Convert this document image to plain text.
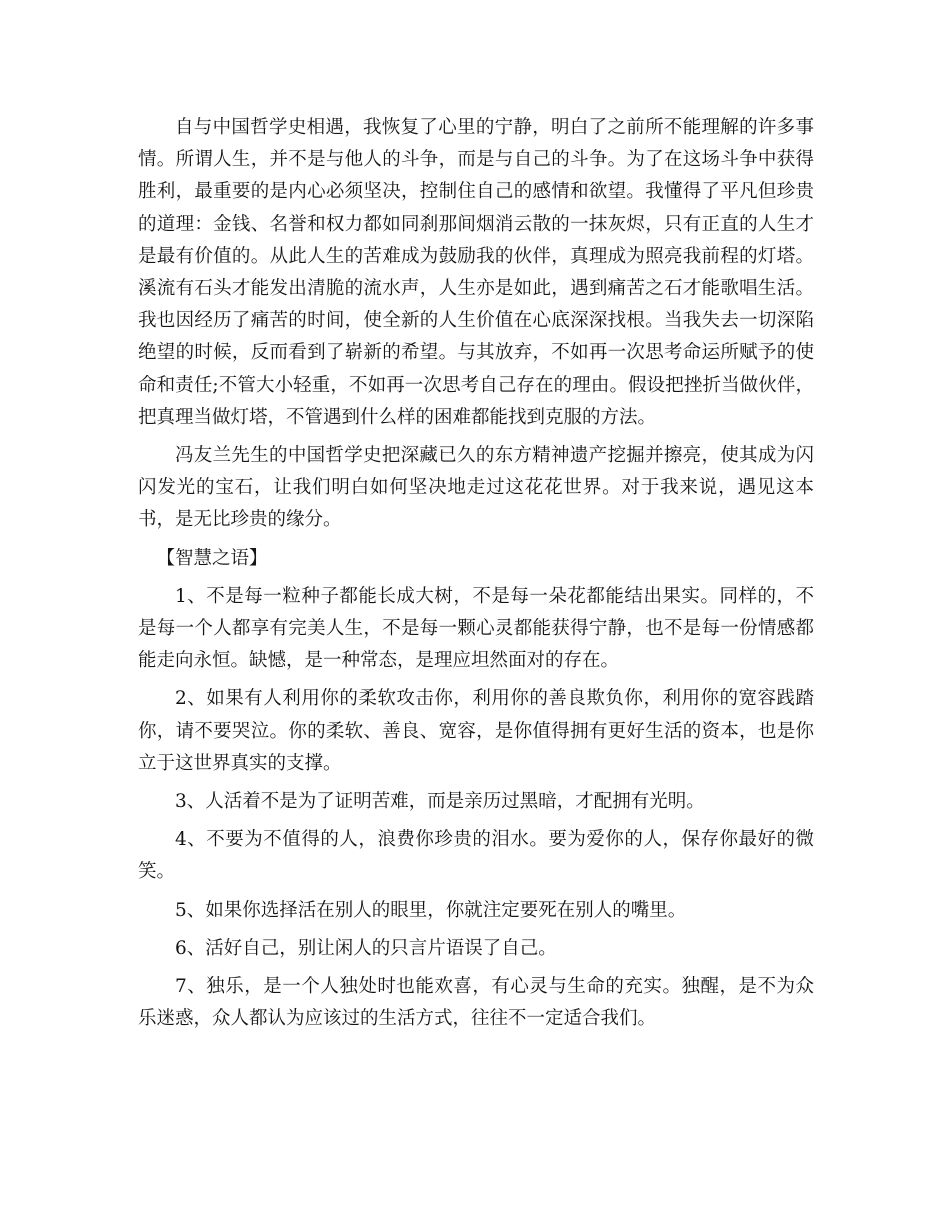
自与中国哲学史相遇，我恢复了心里的宁静，明白了之前所不能理解的许多事情。所谓人生，并不是与他人的斗争，而是与自己的斗争。为了在这场斗争中获得胜利，最重要的是内心必须坚决，控制住自己的感情和欲望。我懂得了平凡但珍贵的道理：金钱、名誉和权力都如同刹那间烟消云散的一抹灰烬，只有正直的人生才是最有价值的。从此人生的苦难成为鼓励我的伙伴，真理成为照亮我前程的灯塔。溪流有石头才能发出清脆的流水声，人生亦是如此，遇到痛苦之石才能歌唱生活。我也因经历了痛苦的时间，使全新的人生价值在心底深深找根。当我失去一切深陷绝望的时候，反而看到了崭新的希望。与其放弃，不如再一次思考命运所赋予的使命和责任;不管大小轻重，不如再一次思考自己存在的理由。假设把挫折当做伙伴，把真理当做灯塔，不管遇到什么样的困难都能找到克服的方法。

冯友兰先生的中国哲学史把深藏已久的东方精神遗产挖掘并擦亮，使其成为闪闪发光的宝石，让我们明白如何坚决地走过这花花世界。对于我来说，遇见这本书，是无比珍贵的缘分。

【智慧之语】

1、不是每一粒种子都能长成大树，不是每一朵花都能结出果实。同样的，不是每一个人都享有完美人生，不是每一颗心灵都能获得宁静，也不是每一份情感都能走向永恒。缺憾，是一种常态，是理应坦然面对的存在。

2、如果有人利用你的柔软攻击你，利用你的善良欺负你，利用你的宽容践踏你，请不要哭泣。你的柔软、善良、宽容，是你值得拥有更好生活的资本，也是你立于这世界真实的支撑。

3、人活着不是为了证明苦难，而是亲历过黑暗，才配拥有光明。

4、不要为不值得的人，浪费你珍贵的泪水。要为爱你的人，保存你最好的微笑。

5、如果你选择活在别人的眼里，你就注定要死在别人的嘴里。

6、活好自己，别让闲人的只言片语误了自己。

7、独乐，是一个人独处时也能欢喜，有心灵与生命的充实。独醒，是不为众乐迷惑，众人都认为应该过的生活方式，往往不一定适合我们。
